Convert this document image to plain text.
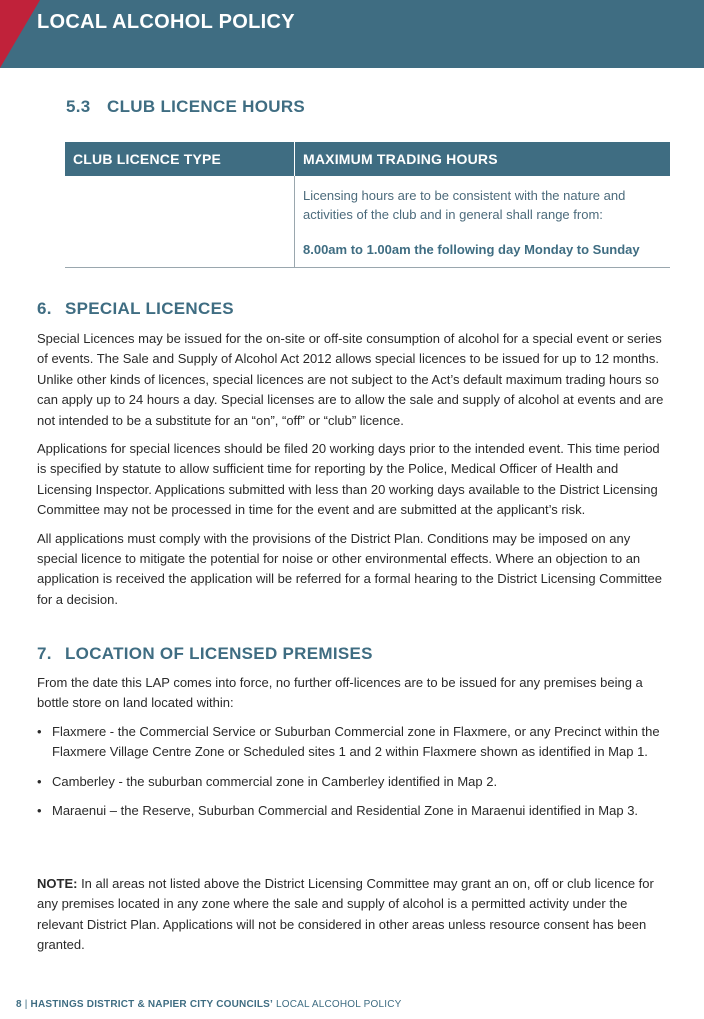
LOCAL ALCOHOL POLICY
5.3 CLUB LICENCE HOURS
CLUB LICENCE TYPE	MAXIMUM TRADING HOURS

	Licensing hours are to be consistent with the nature and activities of the club and in general shall range from:

8.00am to 1.00am the following day Monday to Sunday

6. SPECIAL LICENCES

Special Licences may be issued for the on-site or off-site consumption of alcohol for a special event or series of events. The Sale and Supply of Alcohol Act 2012 allows special licences to be issued for up to 12 months. Unlike other kinds of licences, special licences are not subject to the Act’s default maximum trading hours so can apply up to 24 hours a day. Special licenses are to allow the sale and supply of alcohol at events and are not intended to be a substitute for an “on”, “off” or “club” licence.

Applications for special licences should be filed 20 working days prior to the intended event. This time period is specified by statute to allow sufficient time for reporting by the Police, Medical Officer of Health and Licensing Inspector. Applications submitted with less than 20 working days available to the District Licensing Committee may not be processed in time for the event and are submitted at the applicant’s risk.

All applications must comply with the provisions of the District Plan. Conditions may be imposed on any special licence to mitigate the potential for noise or other environmental effects. Where an objection to an application is received the application will be referred for a formal hearing to the District Licensing Committee for a decision.

7. LOCATION OF LICENSED PREMISES

From the date this LAP comes into force, no further off-licences are to be issued for any premises being a bottle store on land located within:

• Flaxmere - the Commercial Service or Suburban Commercial zone in Flaxmere, or any Precinct within the Flaxmere Village Centre Zone or Scheduled sites 1 and 2 within Flaxmere shown as identified in Map 1.
• Camberley - the suburban commercial zone in Camberley identified in Map 2.
• Maraenui – the Reserve, Suburban Commercial and Residential Zone in Maraenui identified in Map 3.

NOTE: In all areas not listed above the District Licensing Committee may grant an on, off or club licence for any premises located in any zone where the sale and supply of alcohol is a permitted activity under the relevant District Plan. Applications will not be considered in other areas unless resource consent has been granted.

8 | HASTINGS DISTRICT & NAPIER CITY COUNCILS’ LOCAL ALCOHOL POLICY
